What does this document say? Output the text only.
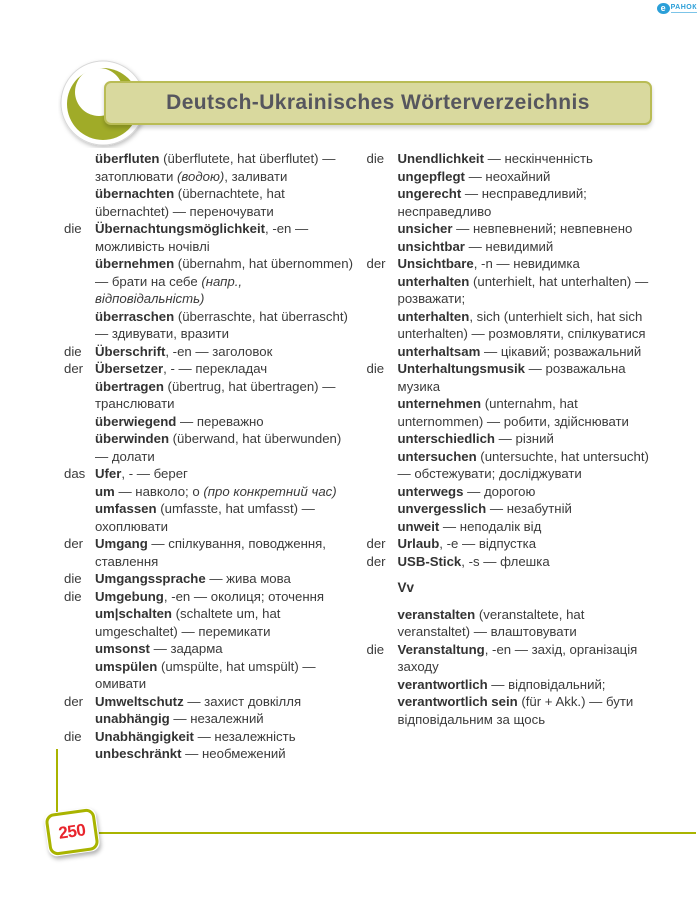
е РАНОК
Deutsch-Ukrainisches Wörterverzeichnis
überfluten (überflutete, hat überflutet) — затоплювати (водою), заливати
übernachten (übernachtete, hat übernachtet) — переночувати
die Übernachtungsmöglichkeit, -en — можливість ночівлі
übernehmen (übernahm, hat übernommen) — брати на себе (напр., відповідальність)
überraschen (überraschte, hat überrascht) — здивувати, вразити
die Überschrift, -en — заголовок
der Übersetzer, - — перекладач
übertragen (übertrug, hat übertragen) — транслювати
überwiegend — переважно
überwinden (überwand, hat überwunden) — долати
das Ufer, - — берег
um — навколо; о (про конкретний час)
umfassen (umfasste, hat umfasst) — охоплювати
der Umgang — спілкування, поводження, ставлення
die Umgangssprache — жива мова
die Umgebung, -en — околиця; оточення
um|schalten (schaltete um, hat umgeschaltet) — перемикати
umsonst — задарма
umspülen (umspülte, hat umspült) — омивати
der Umweltschutz — захист довкілля
unabhängig — незалежний
die Unabhängigkeit — незалежність
unbeschränkt — необмежений
die Unendlichkeit — нескінченність
ungepflegt — неохайний
ungerecht — несправедливий; несправедливо
unsicher — невпевнений; невпевнено
unsichtbar — невидимий
der Unsichtbare, -n — невидимка
unterhalten (unterhielt, hat unterhalten) — розважати;
unterhalten, sich (unterhielt sich, hat sich unterhalten) — розмовляти, спілкуватися
unterhaltsam — цікавий; розважальний
die Unterhaltungsmusik — розважальна музика
unternehmen (unternahm, hat unternommen) — робити, здійснювати
unterschiedlich — різний
untersuchen (untersuchte, hat untersucht) — обстежувати; досліджувати
unterwegs — дорогою
unvergesslich — незабутній
unweit — неподалік від
der Urlaub, -e — відпустка
der USB-Stick, -s — флешка
Vv
veranstalten (veranstaltete, hat veranstaltet) — влаштовувати
die Veranstaltung, -en — захід, організація заходу
verantwortlich — відповідальний;
verantwortlich sein (für + Akk.) — бути відповідальним за щось
250
